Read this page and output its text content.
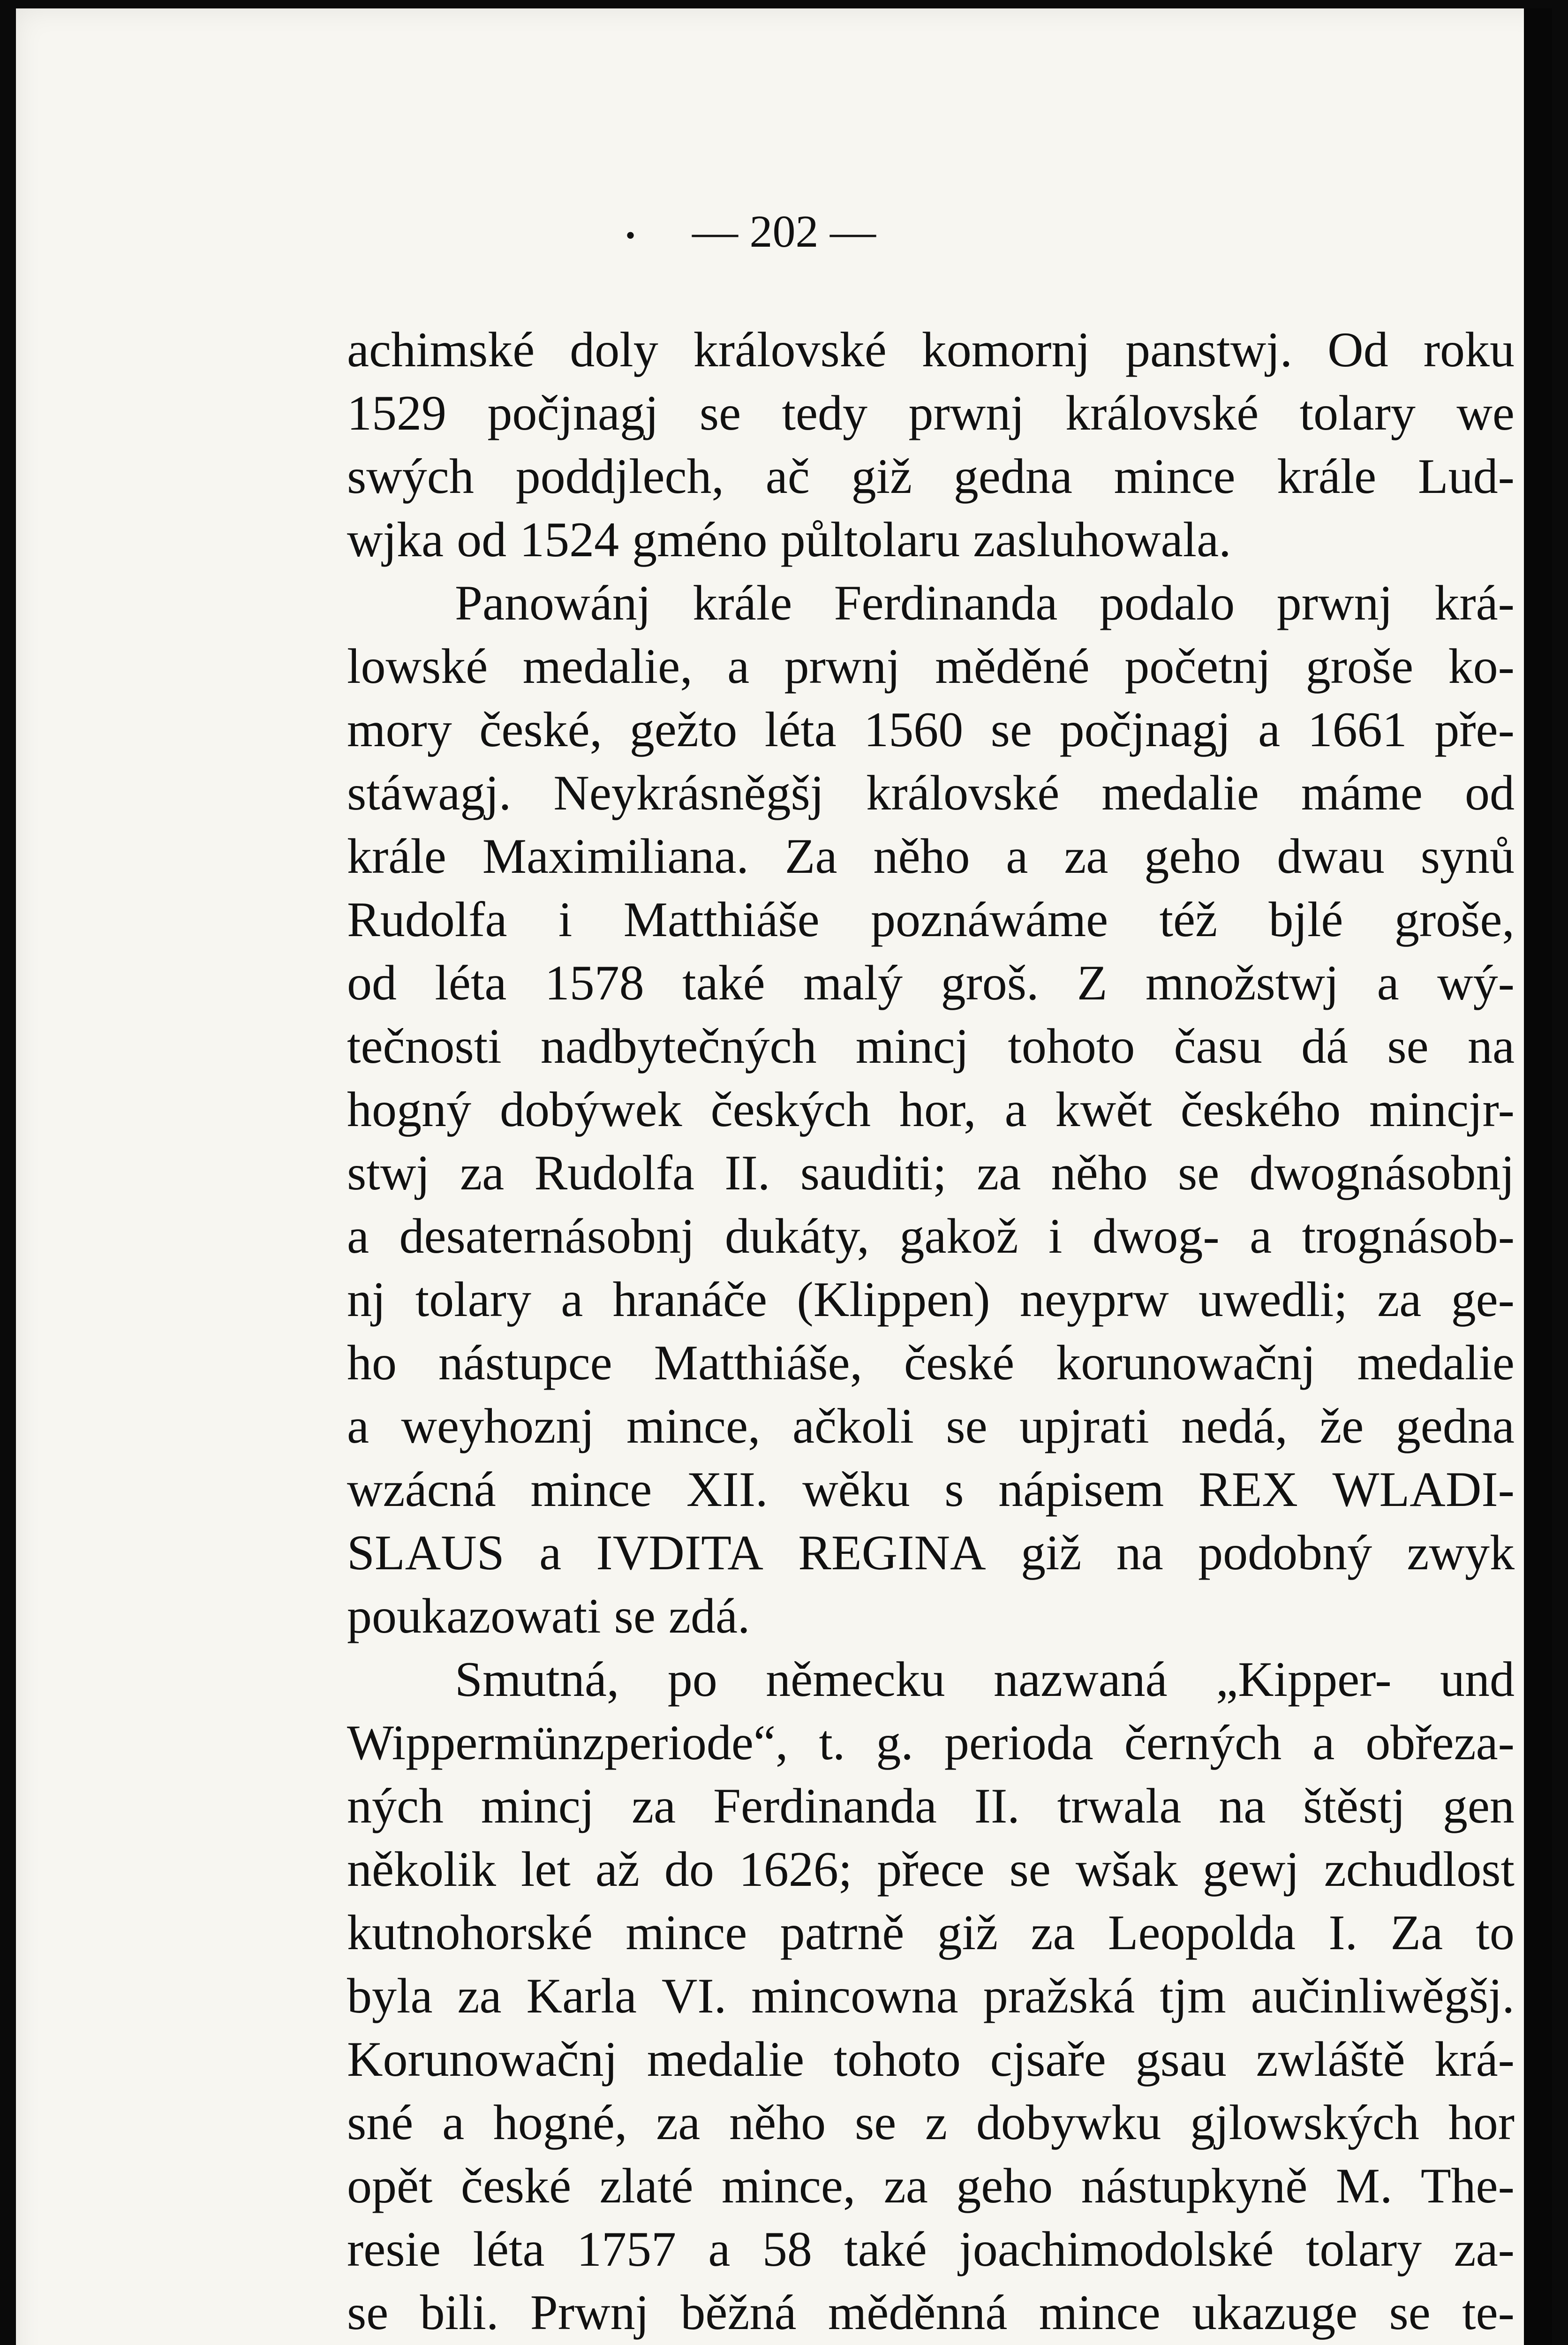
• — 202 —
achimské doly královské komornj panstwj. Od roku
1529 počjnagj se tedy prwnj královské tolary we
swých poddjlech, ač giž gedna mince krále Lud-
wjka od 1524 gméno půltolaru zasluhowala.
Panowánj krále Ferdinanda podalo prwnj krá-
lowské medalie, a prwnj měděné početnj groše ko-
mory české, gežto léta 1560 se počjnagj a 1661 pře-
stáwagj. Neykrásněgšj královské medalie máme od
krále Maximiliana. Za něho a za geho dwau synů
Rudolfa i Matthiáše poznáwáme též bjlé groše,
od léta 1578 také malý groš. Z množstwj a wý-
tečnosti nadbytečných mincj tohoto času dá se na
hogný dobýwek českých hor, a kwět českého mincjr-
stwj za Rudolfa II. sauditi; za něho se dwognásobnj
a desaternásobnj dukáty, gakož i dwog- a trognásob-
nj tolary a hranáče (Klippen) neyprw uwedli; za ge-
ho nástupce Matthiáše, české korunowačnj medalie
a weyhoznj mince, ačkoli se upjrati nedá, že gedna
wzácná mince XII. wěku s nápisem REX WLADI-
SLAUS a IVDITA REGINA giž na podobný zwyk
poukazowati se zdá.
Smutná, po německu nazwaná „Kipper- und
Wippermünzperiode“, t. g. perioda černých a obřeza-
ných mincj za Ferdinanda II. trwala na štěstj gen
několik let až do 1626; přece se wšak gewj zchudlost
kutnohorské mince patrně giž za Leopolda I. Za to
byla za Karla VI. mincowna pražská tjm aučinliwěgšj.
Korunowačnj medalie tohoto cjsaře gsau zwláště krá-
sné a hogné, za něho se z dobywku gjlowských hor
opět české zlaté mince, za geho nástupkyně M. The-
resie léta 1757 a 58 také joachimodolské tolary za-
se bili. Prwnj běžná měděnná mince ukazuge se te-
